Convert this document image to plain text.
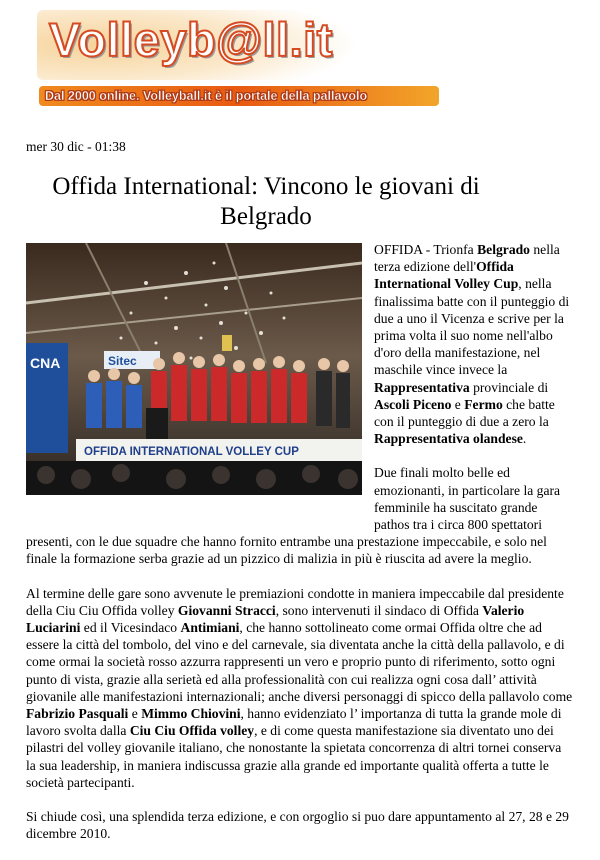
Volleyb@ll.it
Dal 2000 online. Volleyball.it è il portale della pallavolo
mer 30 dic - 01:38
Offida International: Vincono le giovani di Belgrado
CNA	Sitec
OFFIDA INTERNATIONAL VOLLEY CUP

OFFIDA - Trionfa Belgrado nella terza edizione dell'Offida International Volley Cup, nella finalissima batte con il punteggio di due a uno il Vicenza e scrive per la prima volta il suo nome nell'albo d'oro della manifestazione, nel maschile vince invece la Rappresentativa provinciale di Ascoli Piceno e Fermo che batte con il punteggio di due a zero la Rappresentativa olandese.

Due finali molto belle ed emozionanti, in particolare la gara femminile ha suscitato grande pathos tra i circa 800 spettatori presenti, con le due squadre che hanno fornito entrambe una prestazione impeccabile, e solo nel finale la formazione serba grazie ad un pizzico di malizia in più è riuscita ad avere la meglio.

Al termine delle gare sono avvenute le premiazioni condotte in maniera impeccabile dal presidente della Ciu Ciu Offida volley Giovanni Stracci, sono intervenuti il sindaco di Offida Valerio Luciarini ed il Vicesindaco Antimiani, che hanno sottolineato come ormai Offida oltre che ad essere la città del tombolo, del vino e del carnevale, sia diventata anche la città della pallavolo, e di come ormai la società rosso azzurra rappresenti un vero e proprio punto di riferimento, sotto ogni punto di vista, grazie alla serietà ed alla professionalità con cui realizza ogni cosa dall’ attività giovanile alle manifestazioni internazionali; anche diversi personaggi di spicco della pallavolo come Fabrizio Pasquali e Mimmo Chiovini, hanno evidenziato l’ importanza di tutta la grande mole di lavoro svolta dalla Ciu Ciu Offida volley, e di come questa manifestazione sia diventato uno dei pilastri del volley giovanile italiano, che nonostante la spietata concorrenza di altri tornei conserva la sua leadership, in maniera indiscussa grazie alla grande ed importante qualità offerta a tutte le società partecipanti.

Si chiude così, una splendida terza edizione, e con orgoglio si puo dare appuntamento al 27, 28 e 29 dicembre 2010.
